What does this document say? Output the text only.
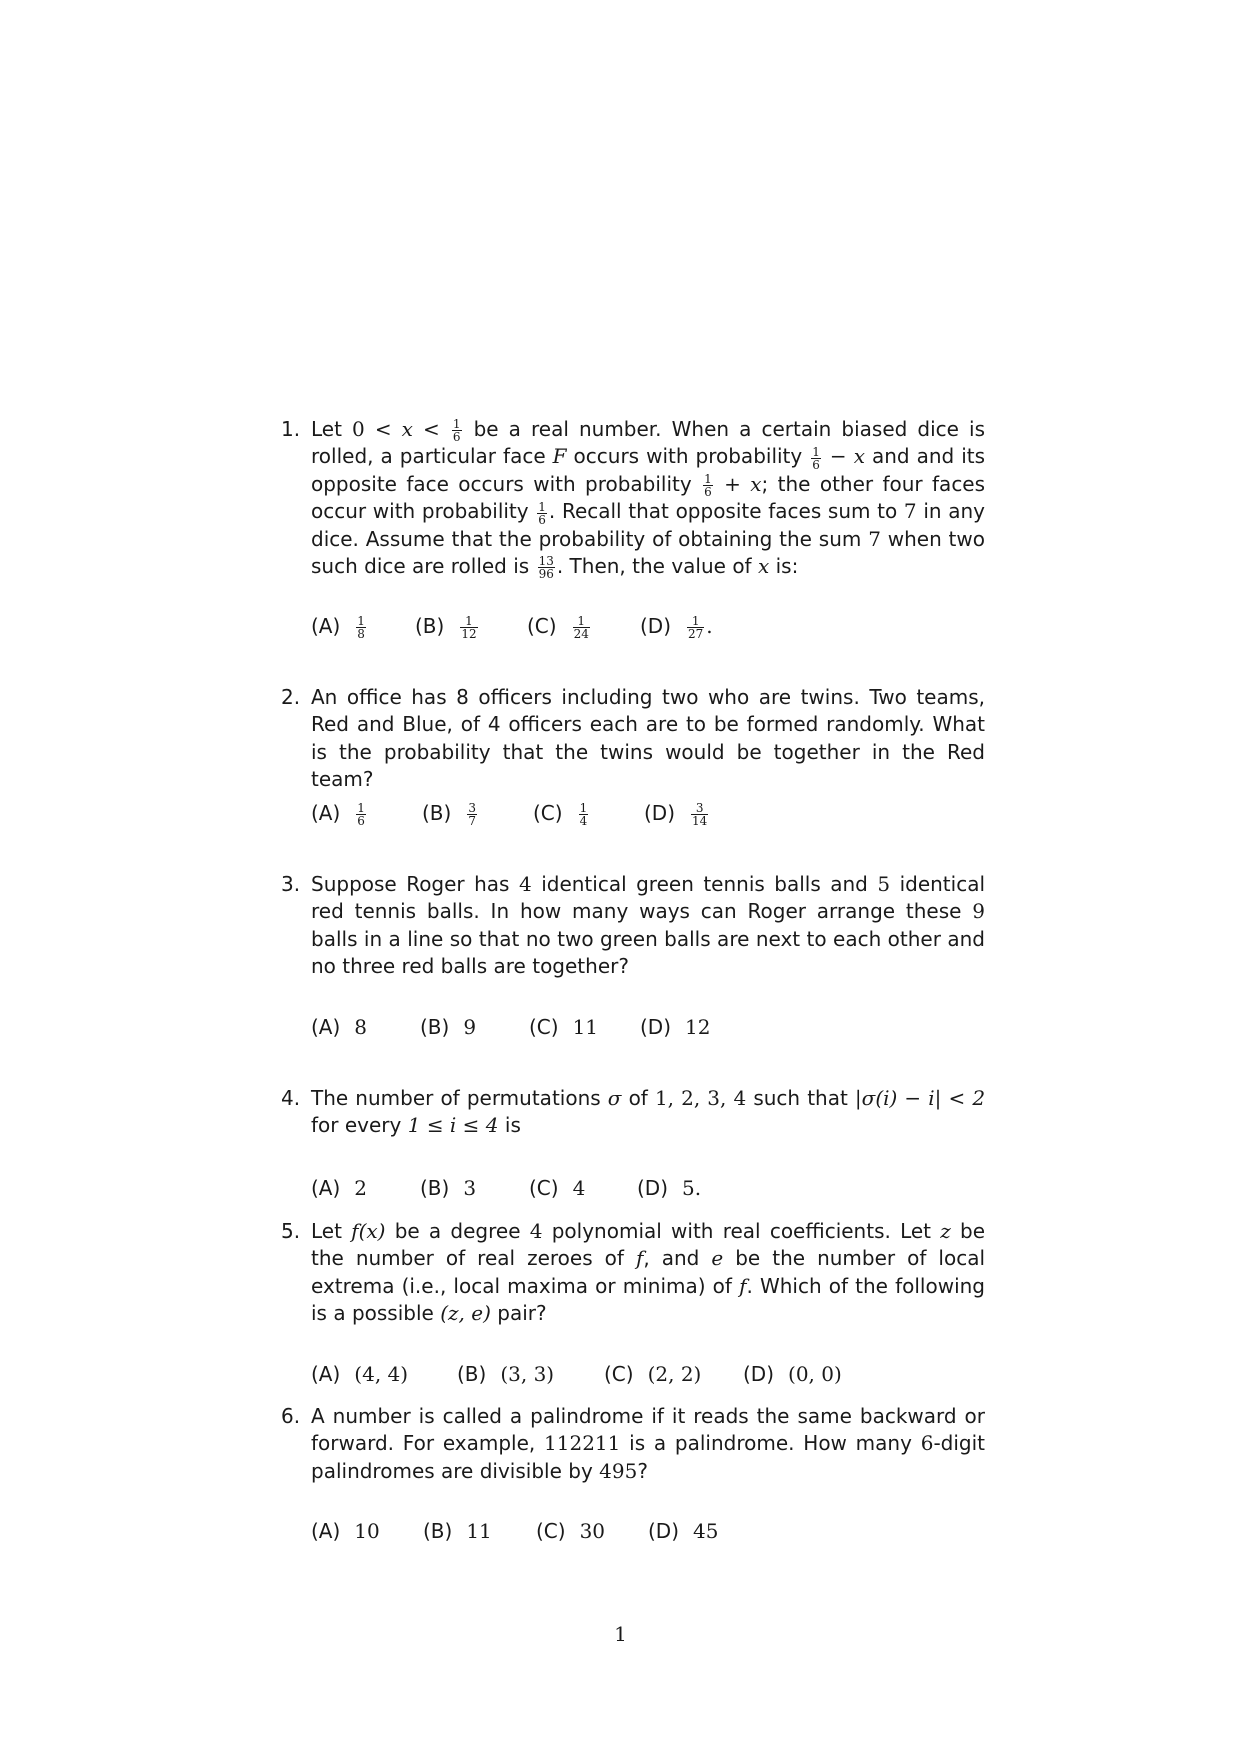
1. Let $0 < x < \frac{1}{6}$ be a real number. When a certain biased dice is rolled, a particular face F occurs with probability $\frac{1}{6} - x$ and and its opposite face occurs with probability $\frac{1}{6} + x$; the other four faces occur with probability $\frac{1}{6}$ . Recall that opposite faces sum to 7 in any dice. Assume that the probability of obtaining the sum 7 when two such dice are rolled is $\frac{13}{96}$ . Then, the value of x is:
$(A) \frac{1}{8} (B) \frac{1}{12} (C) \frac{1}{24}$	$(D) \frac{1}{27}$ .
2. An office has 8 officers including two who are twins. Two teams, Red and Blue, of 4 officers each are to be formed randomly. What is the probability that the twins would be together in the Red team?
$(A) \frac{1}{6}$	$(B) \frac{3}{7}$	$(C) \frac{1}{4}$	$(D) \frac{3}{14}$
3. Suppose Roger has 4 identical green tennis balls and 5 identical red tennis balls. In how many ways can Roger arrange these 9 balls in a line so that no two green balls are next to each other and no three red balls are together?
(A) 8	(B) 9	(C) 11 (D) 12
4. The number of permutations σ of 1, 2, 3, 4 such that |σ(i) − i| < 2 for every 1 ≤ i ≤ 4 is
(A) 2	(B) 3	(C) 4	(D) 5.
5. Let f(x) be a degree 4 polynomial with real coefficients. Let z be the number of real zeroes of f, and e be the number of local extrema (i.e., local maxima or minima) of f. Which of the following is a possible (z, e) pair?
(A) (4, 4) (B) (3, 3) (C) (2, 2) (D) (0, 0)
6. A number is called a palindrome if it reads the same backward or forward. For example, 112211 is a palindrome. How many 6-digit palindromes are divisible by 495?
(A) 10 (B) 11 (C) 30 (D) 45
1
